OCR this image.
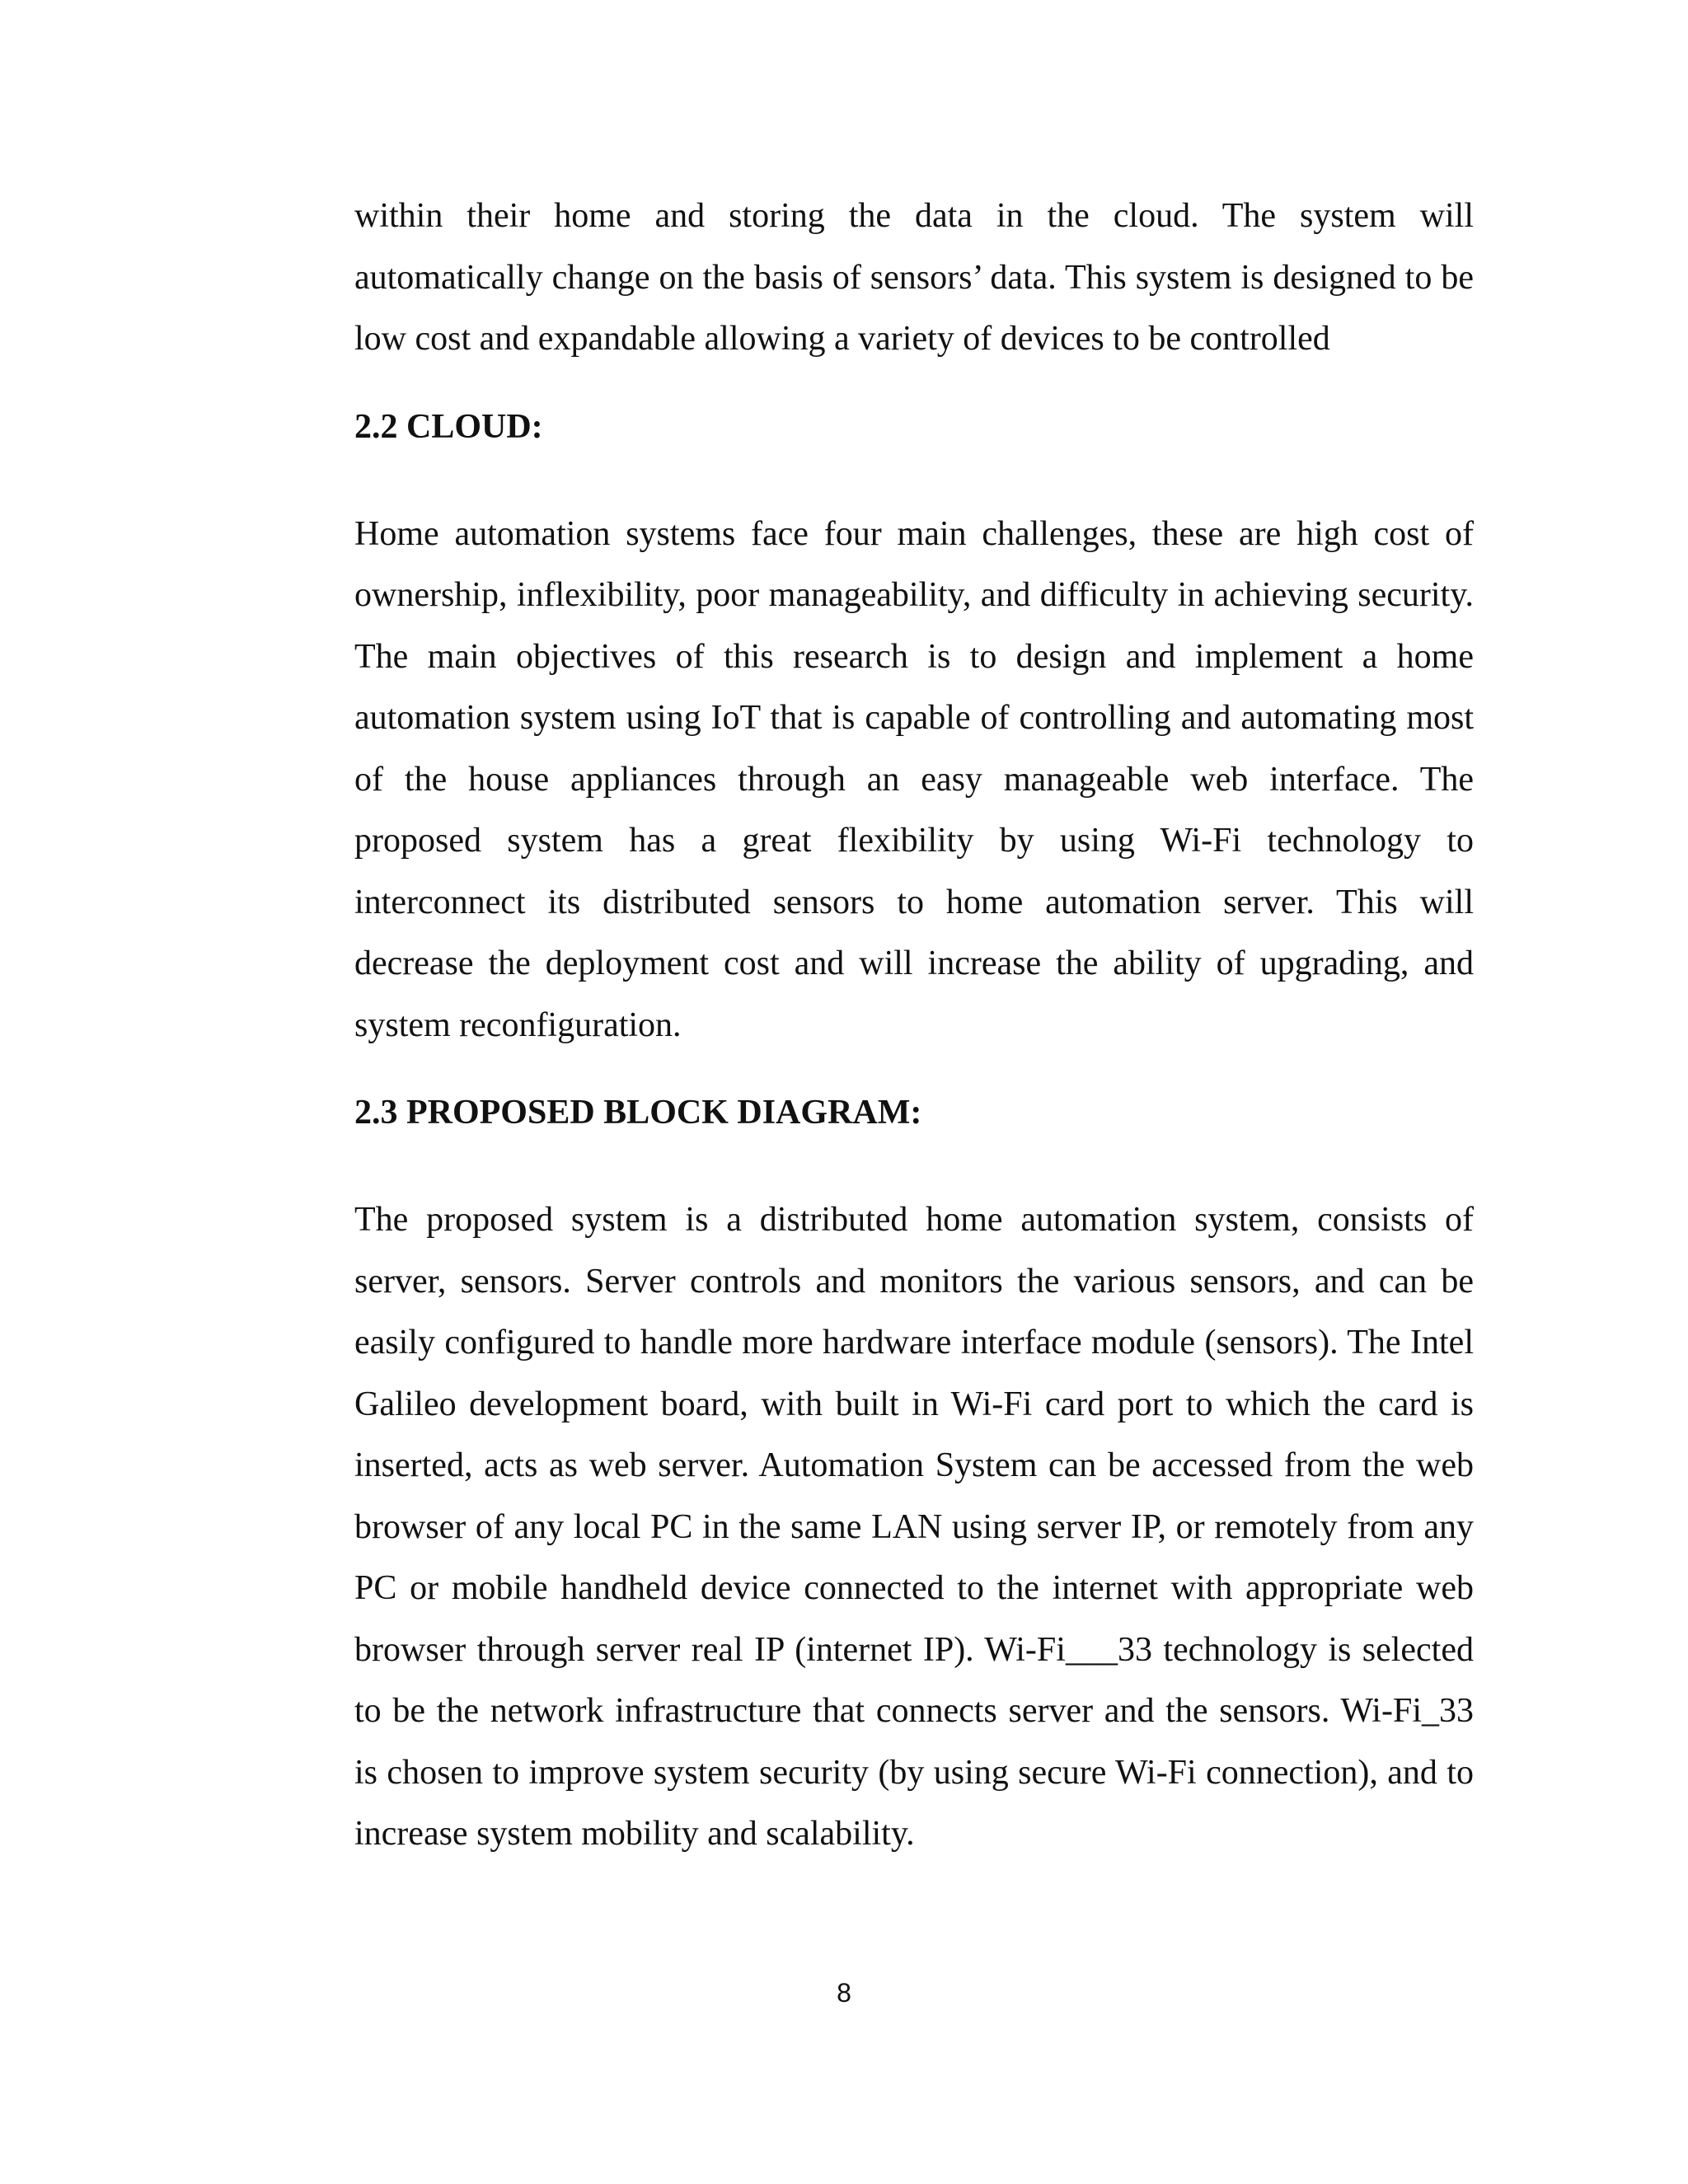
within their home and storing the data in the cloud. The system will automatically change on the basis of sensors’ data. This system is designed to be low cost and expandable allowing a variety of devices to be controlled

2.2 CLOUD:

Home automation systems face four main challenges, these are high cost of ownership, inflexibility, poor manageability, and difficulty in achieving security. The main objectives of this research is to design and implement a home automation system using IoT that is capable of controlling and automating most of the house appliances through an easy manageable web interface. The proposed system has a great flexibility by using Wi-Fi technology to interconnect its distributed sensors to home automation server. This will decrease the deployment cost and will increase the ability of upgrading, and system reconfiguration.

2.3 PROPOSED BLOCK DIAGRAM:

The proposed system is a distributed home automation system, consists of server, sensors. Server controls and monitors the various sensors, and can be easily configured to handle more hardware interface module (sensors). The Intel Galileo development board, with built in Wi-Fi card port to which the card is inserted, acts as web server. Automation System can be accessed from the web browser of any local PC in the same LAN using server IP, or remotely from any PC or mobile handheld device connected to the internet with appropriate web browser through server real IP (internet IP). Wi-Fi___33 technology is selected to be the network infrastructure that connects server and the sensors. Wi-Fi_33 is chosen to improve system security (by using secure Wi-Fi connection), and to increase system mobility and scalability.

8
